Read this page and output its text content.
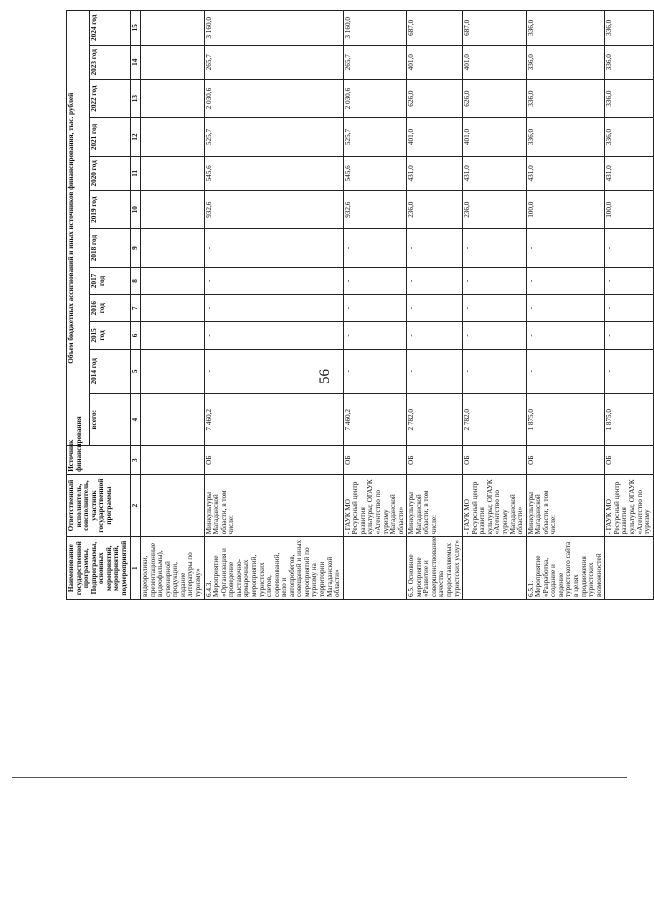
56
Наименование государственной программы, Подпрограммы, основных мероприятий, мероприятий, подмероприятий	Ответственный исполнитель, соисполнитель, участник государственной программы	Источник финансирования	Объем бюджетных ассигнований и иных источников финансирования, тыс. рублей											
			всего:	2014 год	2015 год	2016 год	2017 год	2018 год	2019 год	2020 год	2021 год	2022 год	2023 год	2024 год
1	2	3	4	5	6	7	8	9	10	11	12	13	14	15
видеоролики, презентационные видеофильмы), сувенирной продукции, издание литературы по туризму»														
6.4.3. Мероприятие «Организация и проведение выставочно-ярмарочных мероприятий, туристских слетов, соревнований, вело и автопробегов, совещаний и иных мероприятий по туризму на территории Магаданской области»	Минкультуры Магаданской области, в том числе:	ОБ	7 460,2	-	-	-	-	-	932,6	545,6	525,7	2 030,6	265,7	3 160,0
	- ГАУК МО Ресурсный центр развития культуры; ОГАУК «Агентство по туризму Магаданской области»	ОБ	7 460,2	-	-	-	-	-	932,6	545,6	525,7	2 030,6	265,7	3 160,0
6.5. Основное мероприятие «Развитие и совершенствование качества предоставляемых туристских услуг»	Минкультуры Магаданской области, в том числе:	ОБ	2 782,0	-	-	-	-	-	236,0	431,0	401,0	626,0	401,0	687,0
	- ГАУК МО Ресурсный центр развития культуры; ОГАУК «Агентство по туризму Магаданской области»	ОБ	2 782,0	-	-	-	-	-	236,0	431,0	401,0	626,0	401,0	687,0
6.5.1. Мероприятие «Разработка, создание и ведение туристского сайта в целях продвижения туристских возможностей	Минкультуры Магаданской области, в том числе:	ОБ	1 875,0	-	-	-	-	-	100,0	431,0	336,0	336,0	336,0	336,0
	- ГАУК МО Ресурсный центр развития культуры; ОГАУК «Агентство по туризму	ОБ	1 875,0	-	-	-	-	-	100,0	431,0	336,0	336,0	336,0	336,0
